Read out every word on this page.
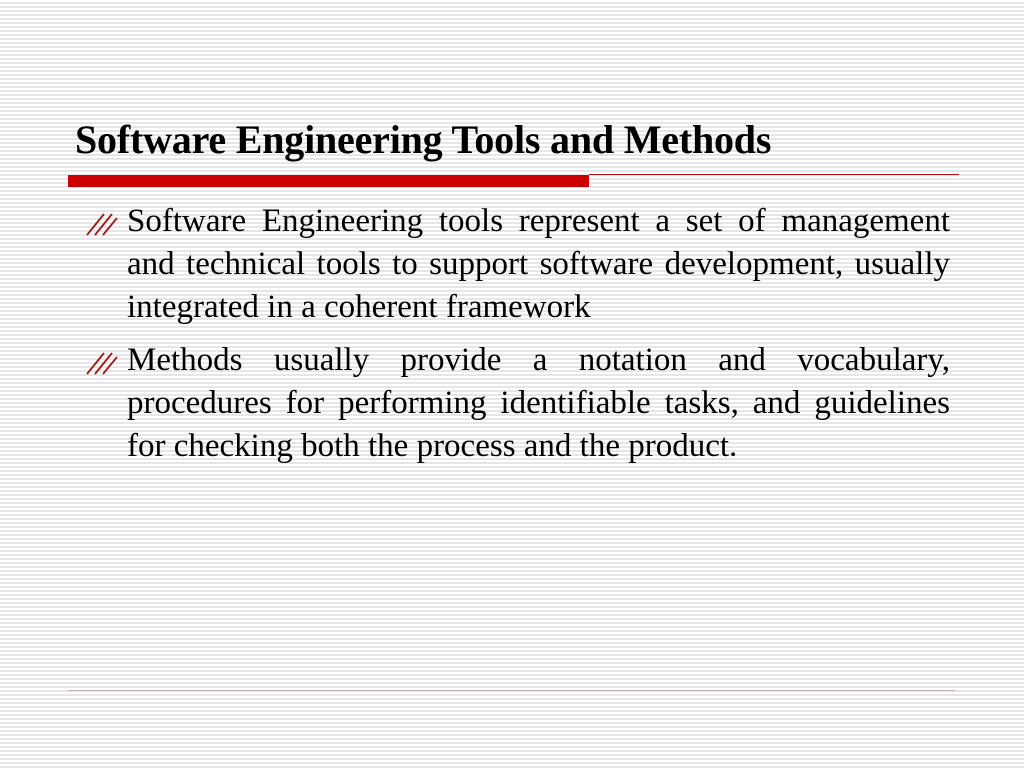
Software Engineering Tools and Methods
Software Engineering tools represent a set of management and technical tools to support software development, usually integrated in a coherent framework
Methods usually provide a notation and vocabulary, procedures for performing identifiable tasks, and guidelines for checking both the process and the product.
